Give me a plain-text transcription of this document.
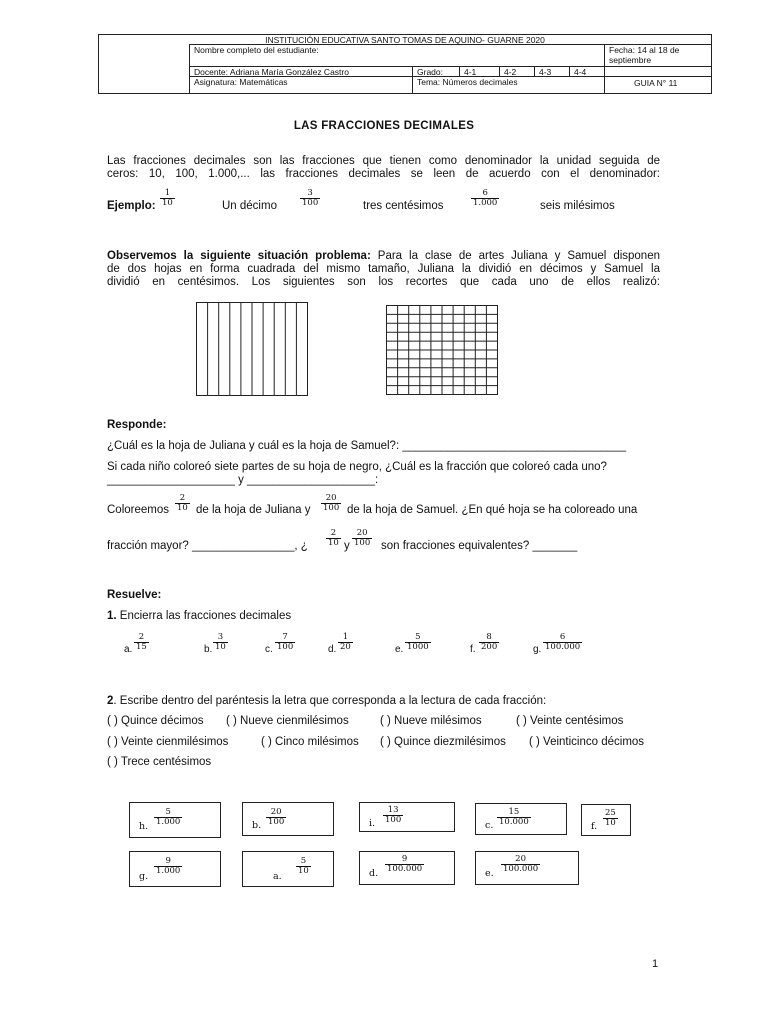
INSTITUCIÓN EDUCATIVA SANTO TOMAS DE AQUINO- GUARNE 2020
Nombre completo del estudiante:	Fecha: 14 al 18 de
septiembre
Docente: Adriana María González Castro	Grado:	4-1	4-2	4-3	4-4
Asignatura: Matemáticas	Tema: Números decimales	GUIA N° 11
LAS FRACCIONES DECIMALES
Las fracciones decimales son las fracciones que tienen como denominador la unidad seguida de
ceros: 10, 100, 1.000,... las fracciones decimales se leen de acuerdo con el denominador:
Ejemplo: $\frac{1}{10}$	Un décimo	$\frac{3}{100}$	tres centésimos	$\frac{6}{1.000}$	seis milésimos
Observemos la siguiente situación problema: Para la clase de artes Juliana y Samuel disponen
de dos hojas en forma cuadrada del mismo tamaño, Juliana la dividió en décimos y Samuel la
dividió en centésimos. Los siguientes son los recortes que cada uno de ellos realizó:
Responde:
¿Cuál es la hoja de Juliana y cuál es la hoja de Samuel?: ___________________________________
Si cada niño coloreó siete partes de su hoja de negro, ¿Cuál es la fracción que coloreó cada uno?
____________________ y ____________________:
Coloreemos $\frac{2}{10}$ de la hoja de Juliana y $\frac{20}{100}$ de la hoja de Samuel. ¿En qué hoja se ha coloreado una
fracción mayor? ________________, ¿ $\frac{2}{10}$ y $\frac{20}{100}$ son fracciones equivalentes? _______
Resuelve:
1. Encierra las fracciones decimales
a. $\frac{2}{15}$	b. $\frac{3}{10}$	c. $\frac{7}{100}$	d. $\frac{1}{20}$	e. $\frac{5}{1000}$	f. $\frac{8}{200}$	g. $\frac{6}{100.000}$
2. Escribe dentro del paréntesis la letra que corresponda a la lectura de cada fracción:
( ) Quince décimos ( ) Nueve cienmilésimos	( ) Nueve milésimos	( ) Veinte centésimos
( ) Veinte cienmilésimos	( ) Cinco milésimos ( ) Quince diezmilésimos ( ) Veinticinco décimos
( ) Trece centésimos
h. $\frac{5}{1.000}$	b. $\frac{20}{100}$	i. $\frac{13}{100}$
c. $\frac{15}{10.000}$	f. $\frac{25}{10}$
g.
$\frac{9}{1.000}$
a.
$\frac{5}{10}$	d. $\frac{9}{100.000}$	e. $\frac{20}{100.000}$
1
